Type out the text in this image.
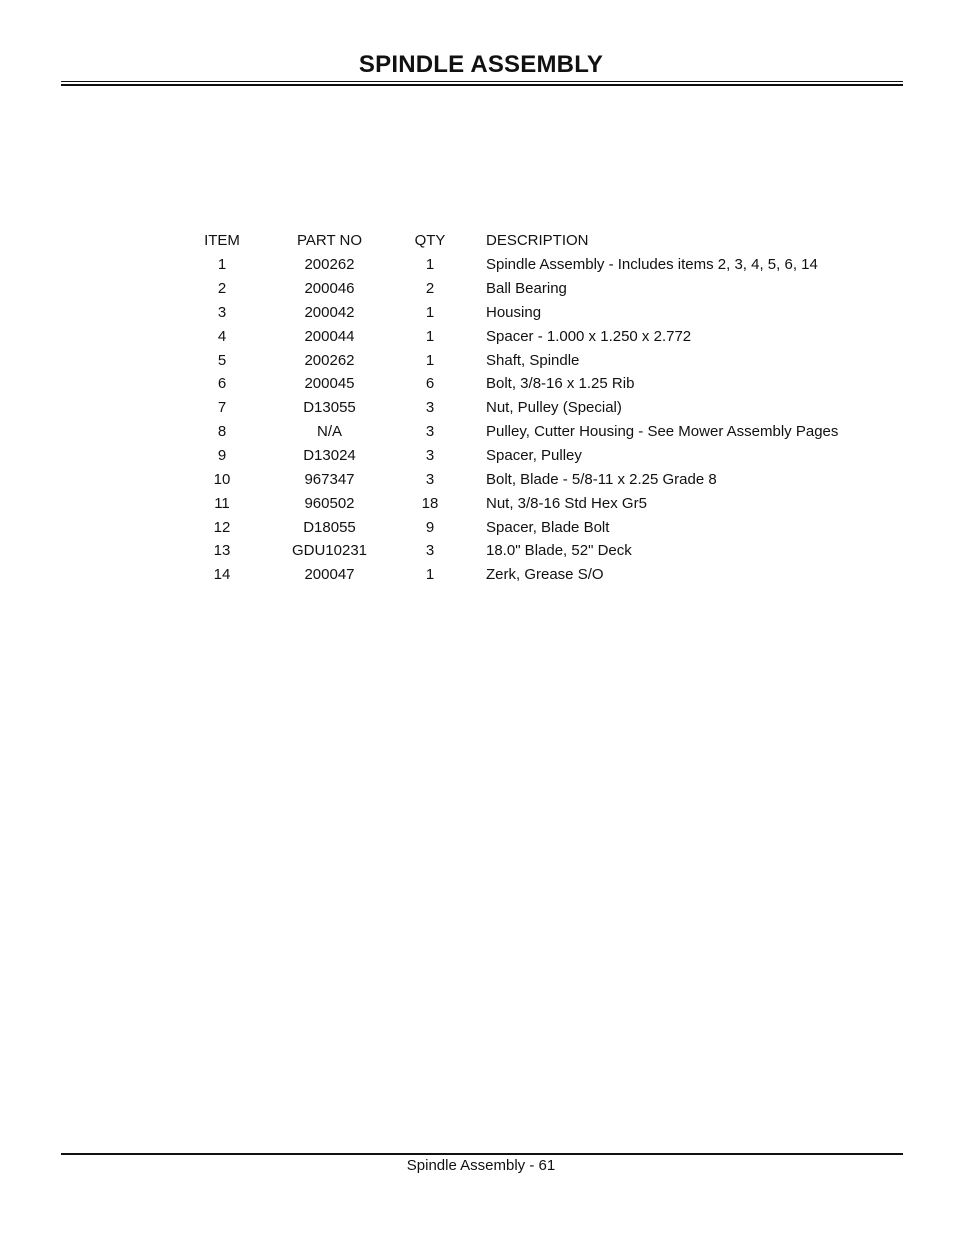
SPINDLE ASSEMBLY
ITEM	PART NO	QTY		DESCRIPTION
1	200262	1		Spindle Assembly - Includes items 2, 3, 4, 5, 6, 14
2	200046	2		Ball Bearing
3	200042	1		Housing
4	200044	1		Spacer - 1.000 x 1.250 x 2.772
5	200262	1		Shaft, Spindle
6	200045	6		Bolt, 3/8-16 x 1.25 Rib
7	D13055	3		Nut, Pulley (Special)
8	N/A	3		Pulley, Cutter Housing - See Mower Assembly Pages
9	D13024	3		Spacer, Pulley
10	967347	3		Bolt, Blade - 5/8-11 x 2.25 Grade 8
11	960502	18		Nut, 3/8-16 Std Hex Gr5
12	D18055	9		Spacer, Blade Bolt
13	GDU10231	3		18.0" Blade, 52" Deck
14	200047	1		Zerk, Grease S/O
Spindle Assembly - 61
